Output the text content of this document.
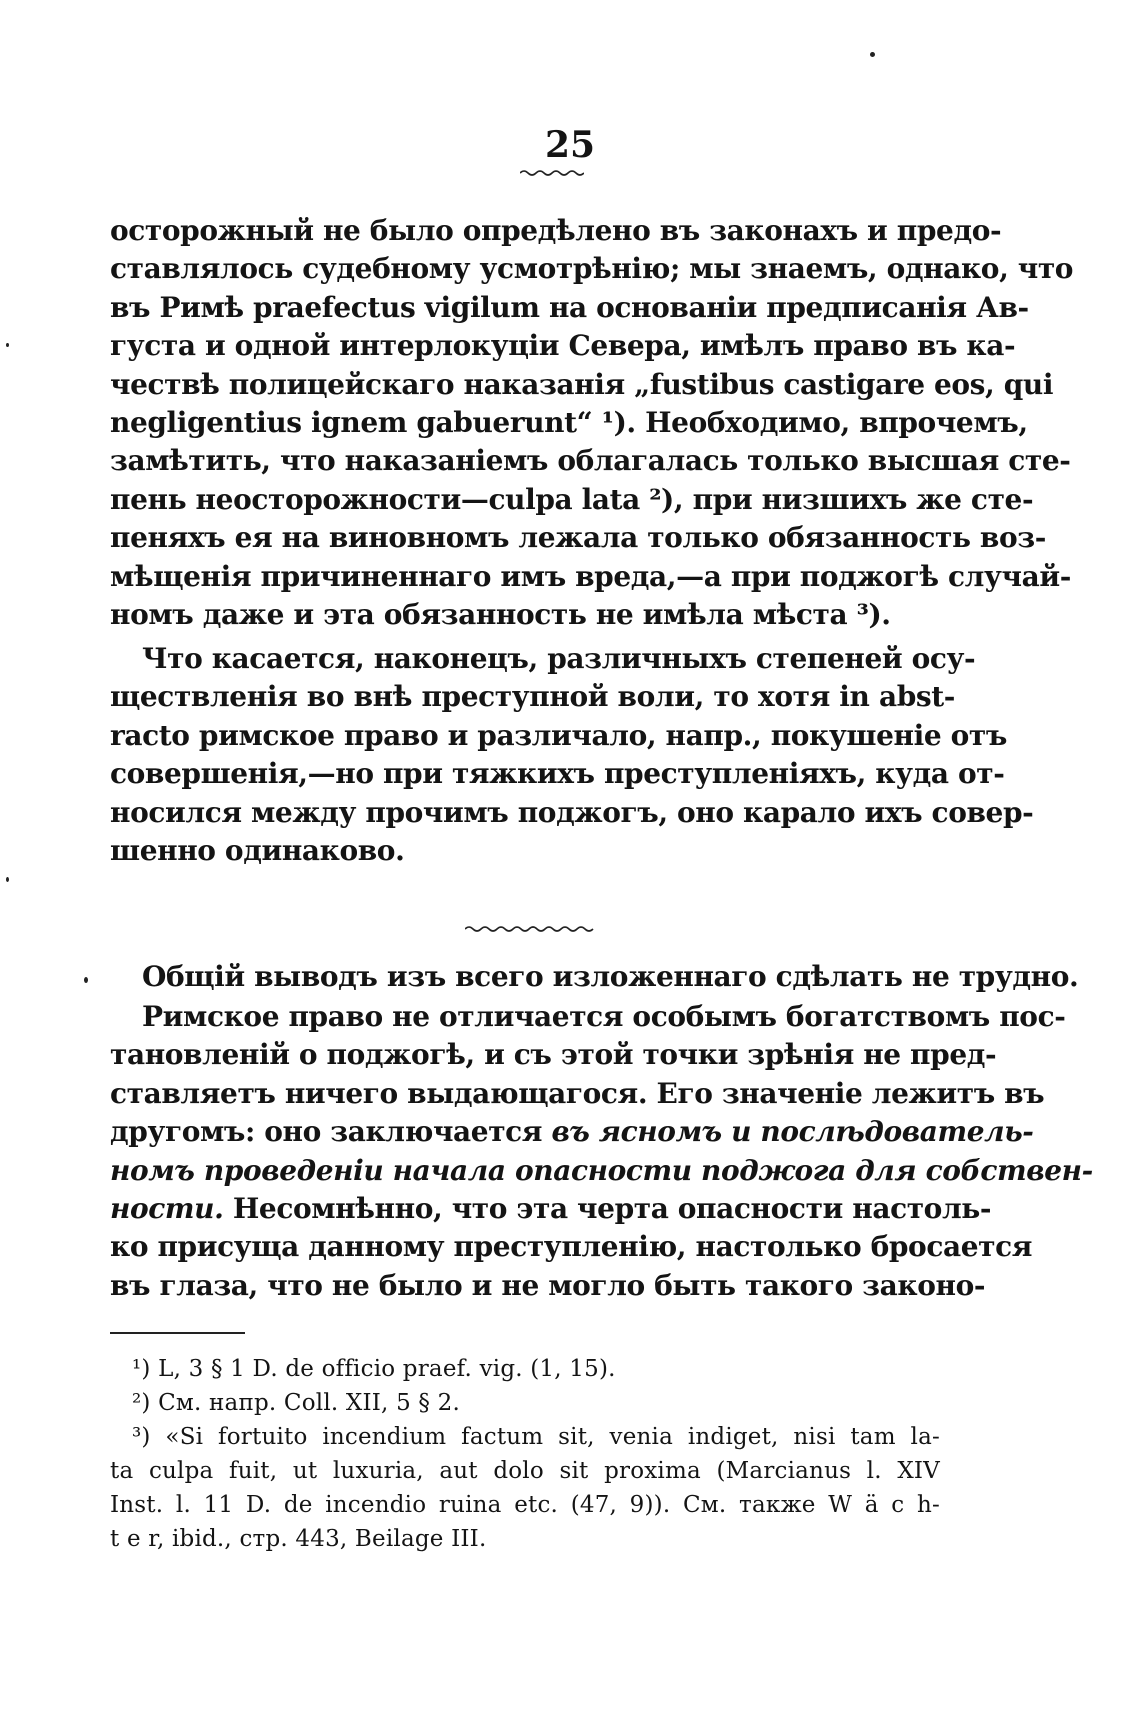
25
осторожный не было опредѣлено въ законахъ и предо-
ставлялось судебному усмотрѣнію; мы знаемъ, однако, что
въ Римѣ praefectus vigilum на основаніи предписанія Ав-
густа и одной интерлокуціи Севера, имѣлъ право въ ка-
чествѣ полицейскаго наказанія „fustibus castigare eos, qui
negligentius ignem gabuerunt“ ¹). Необходимо, впрочемъ,
замѣтить, что наказаніемъ облагалась только высшая сте-
пень неосторожности—culpa lata ²), при низшихъ же сте-
пеняхъ ея на виновномъ лежала только обязанность воз-
мѣщенія причиненнаго имъ вреда,—а при поджогѣ случай-
номъ даже и эта обязанность не имѣла мѣста ³).
Что касается, наконецъ, различныхъ степеней осу-
ществленія во внѣ преступной воли, то хотя in abst-
racto римское право и различало, напр., покушеніе отъ
совершенія,—но при тяжкихъ преступленіяхъ, куда от-
носился между прочимъ поджогъ, оно карало ихъ совер-
шенно одинаково.
Общій выводъ изъ всего изложеннаго сдѣлать не трудно.
Римское право не отличается особымъ богатствомъ пос-
тановленій о поджогѣ, и съ этой точки зрѣнія не пред-
ставляетъ ничего выдающагося. Его значеніе лежитъ въ
другомъ: оно заключается въ ясномъ и послѣдователь-
номъ проведеніи начала опасности поджога для собствен-
ности. Несомнѣнно, что эта черта опасности настоль-
ко присуща данному преступленію, настолько бросается
въ глаза, что не было и не могло быть такого законо-
¹) L, 3 § 1 D. de officio praef. vig. (1, 15).
²) См. напр. Coll. XII, 5 § 2.
³) «Si fortuito incendium factum sit, venia indiget, nisi tam la-
ta culpa fuit, ut luxuria, aut dolo sit proxima (Marcianus l. XIV
Inst. l. 11 D. de incendio ruina etc. (47, 9)). См. также W ä c h-
t e r, ibid., стр. 443, Beilage III.
